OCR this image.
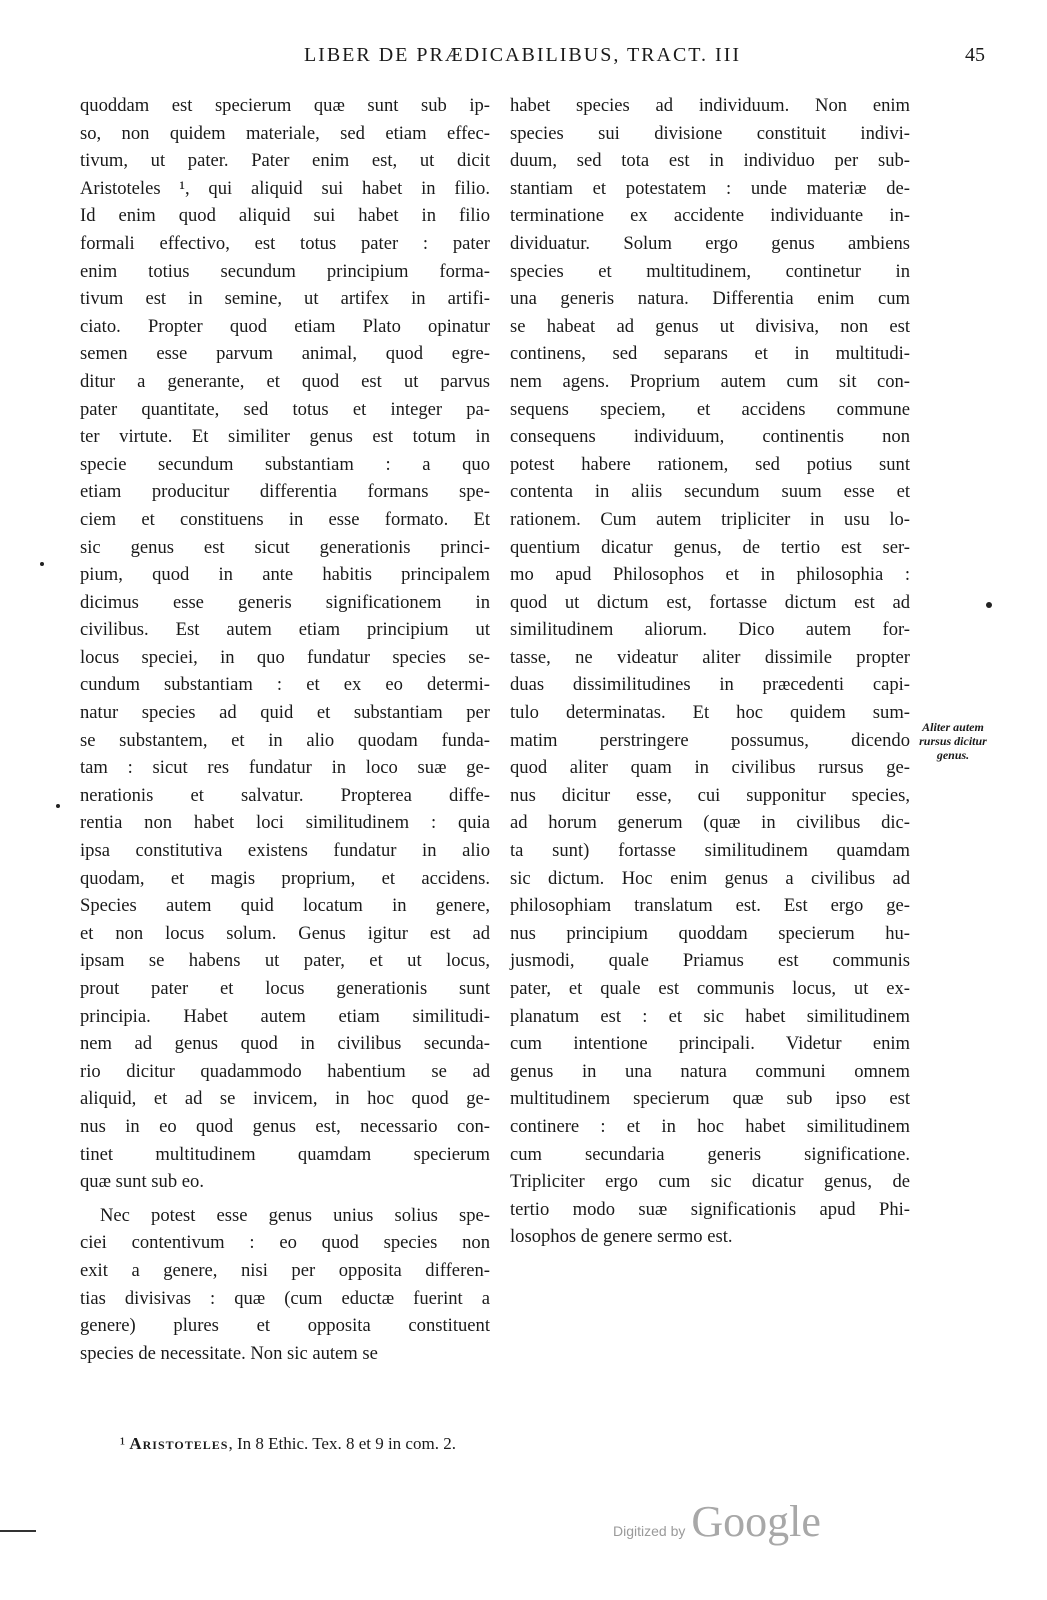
LIBER DE PRÆDICABILIBUS, TRACT. III	45
quoddam est specierum quæ sunt sub ip-
so, non quidem materiale, sed etiam effec-
tivum, ut pater. Pater enim est, ut dicit
Aristoteles ¹, qui aliquid sui habet in filio.
Id enim quod aliquid sui habet in filio
formali effectivo, est totus pater : pater
enim totius secundum principium forma-
tivum est in semine, ut artifex in artifi-
ciato. Propter quod etiam Plato opinatur
semen esse parvum animal, quod egre-
ditur a generante, et quod est ut parvus
pater quantitate, sed totus et integer pa-
ter virtute. Et similiter genus est totum in
specie secundum substantiam : a quo
etiam producitur differentia formans spe-
ciem et constituens in esse formato. Et
sic genus est sicut generationis princi-
pium, quod in ante habitis principalem
dicimus esse generis significationem in
civilibus. Est autem etiam principium ut
locus speciei, in quo fundatur species se-
cundum substantiam : et ex eo determi-
natur species ad quid et substantiam per
se substantem, et in alio quodam funda-
tam : sicut res fundatur in loco suæ ge-
nerationis et salvatur. Propterea diffe-
rentia non habet loci similitudinem : quia
ipsa constitutiva existens fundatur in alio
quodam, et magis proprium, et accidens.
Species autem quid locatum in genere,
et non locus solum. Genus igitur est ad
ipsam se habens ut pater, et ut locus,
prout pater et locus generationis sunt
principia. Habet autem etiam similitudi-
nem ad genus quod in civilibus secunda-
rio dicitur quadammodo habentium se ad
aliquid, et ad se invicem, in hoc quod ge-
nus in eo quod genus est, necessario con-
tinet multitudinem quamdam specierum
quæ sunt sub eo.
Nec potest esse genus unius solius spe-
ciei contentivum : eo quod species non
exit a genere, nisi per opposita differen-
tias divisivas : quæ (cum eductæ fuerint a
genere) plures et opposita constituent
species de necessitate. Non sic autem se
habet species ad individuum. Non enim
species sui divisione constituit indivi-
duum, sed tota est in individuo per sub-
stantiam et potestatem : unde materiæ de-
terminatione ex accidente individuante in-
dividuatur. Solum ergo genus ambiens
species et multitudinem, continetur in
una generis natura. Differentia enim cum
se habeat ad genus ut divisiva, non est
continens, sed separans et in multitudi-
nem agens. Proprium autem cum sit con-
sequens speciem, et accidens commune
consequens individuum, continentis non
potest habere rationem, sed potius sunt
contenta in aliis secundum suum esse et
rationem. Cum autem tripliciter in usu lo-
quentium dicatur genus, de tertio est ser-
mo apud Philosophos et in philosophia :
quod ut dictum est, fortasse dictum est ad
similitudinem aliorum. Dico autem for-
tasse, ne videatur aliter dissimile propter
duas dissimilitudines in præcedenti capi-
tulo determinatas. Et hoc quidem sum-
matim perstringere possumus, dicendo
quod aliter quam in civilibus rursus ge-
nus dicitur esse, cui supponitur species,
ad horum generum (quæ in civilibus dic-
ta sunt) fortasse similitudinem quamdam
sic dictum. Hoc enim genus a civilibus ad
philosophiam translatum est. Est ergo ge-
nus principium quoddam specierum hu-
jusmodi, quale Priamus est communis
pater, et quale est communis locus, ut ex-
planatum est : et sic habet similitudinem
cum intentione principali. Videtur enim
genus in una natura communi omnem
multitudinem specierum quæ sub ipso est
continere : et in hoc habet similitudinem
cum secundaria generis significatione.
Tripliciter ergo cum sic dicatur genus, de
tertio modo suæ significationis apud Phi-
losophos de genere sermo est.
Aliter autem
rursus dicitur
genus.
¹ Aristoteles, In 8 Ethic. Tex. 8 et 9 in com. 2.
Digitized by Google
